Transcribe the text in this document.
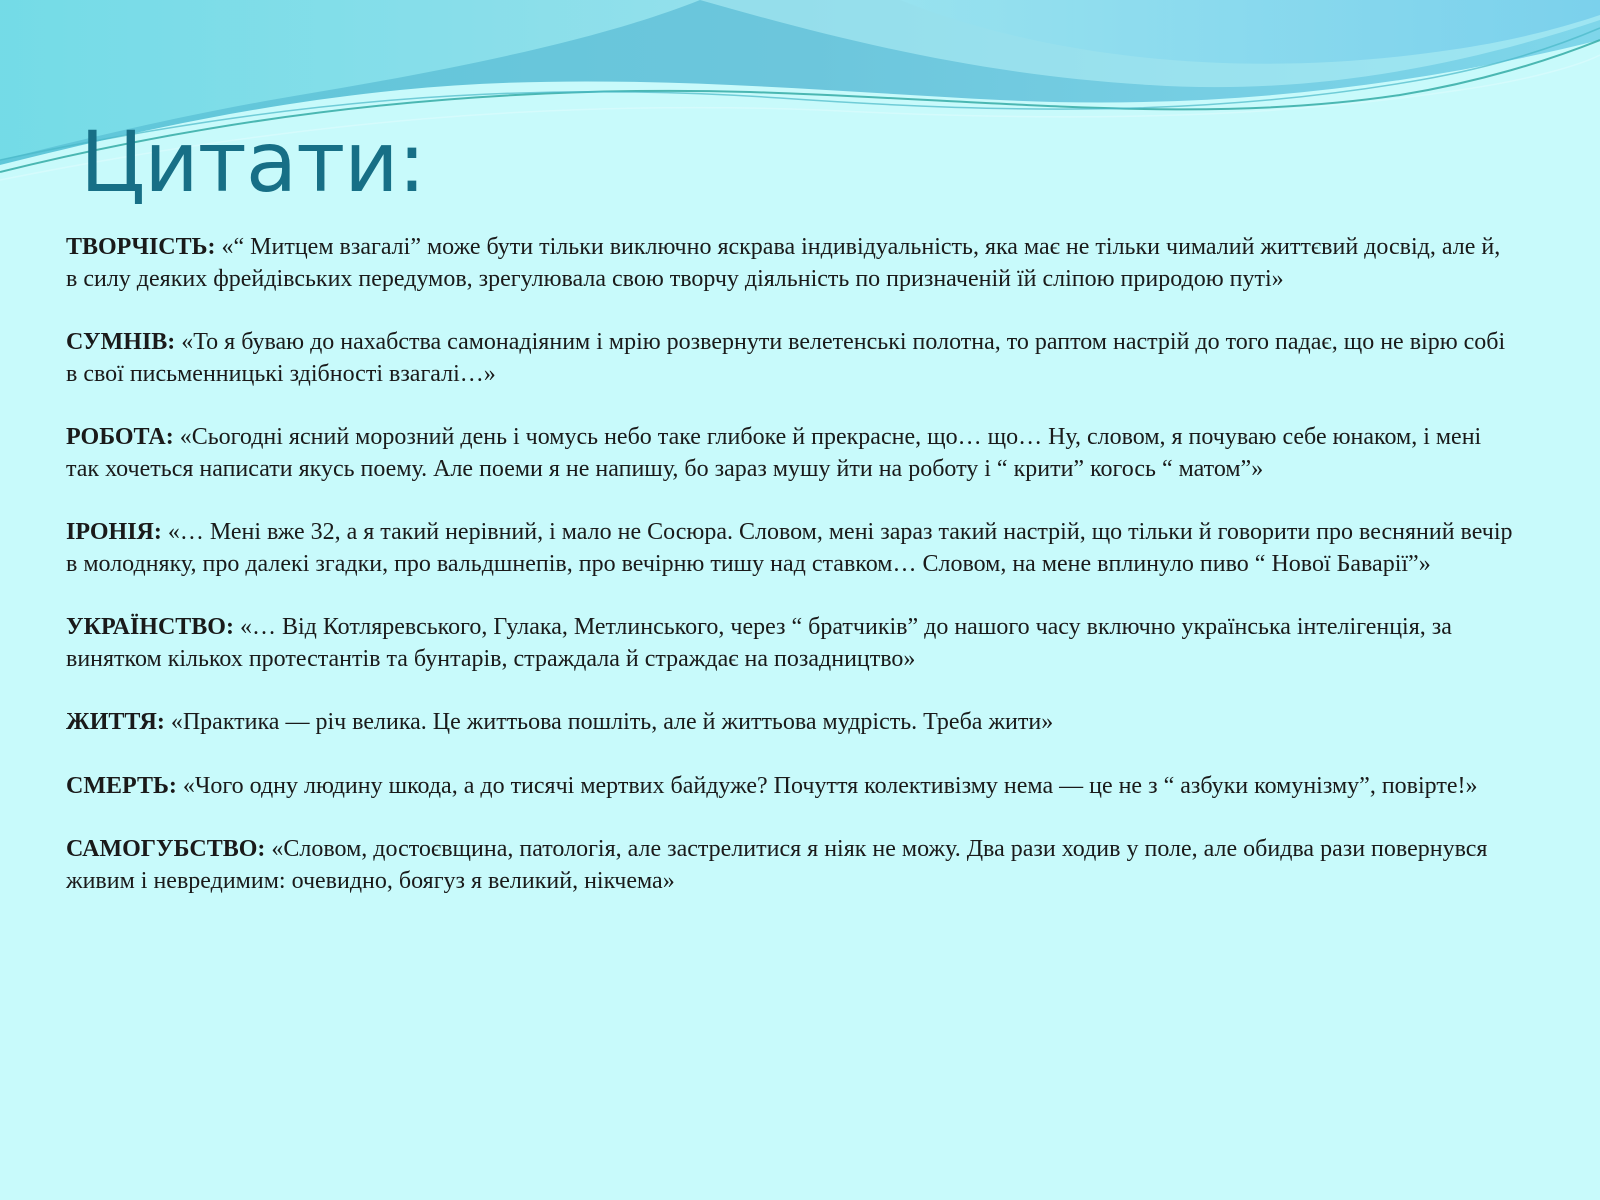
Цитати:

ТВОРЧІСТЬ: «“ Митцем взагалі” може бути тільки виключно яскрава індивідуальність, яка має не тільки чималий життєвий досвід, але й, в силу деяких фрейдівських передумов, зрегулювала свою творчу діяльність по призначеній їй сліпою природою путі»

СУМНІВ: «То я буваю до нахабства самонадіяним і мрію розвернути велетенські полотна, то раптом настрій до того падає, що не вірю собі в свої письменницькі здібності взагалі…»

РОБОТА: «Сьогодні ясний морозний день і чомусь небо таке глибоке й прекрасне, що… що… Ну, словом, я почуваю себе юнаком, і мені так хочеться написати якусь поему. Але поеми я не напишу, бо зараз мушу йти на роботу і “ крити” когось “ матом”»

ІРОНІЯ: «… Мені вже 32, а я такий нерівний, і мало не Сосюра. Словом, мені зараз такий настрій, що тільки й говорити про весняний вечір в молодняку, про далекі згадки, про вальдшнепів, про вечірню тишу над ставком… Словом, на мене вплинуло пиво “ Нової Баварії”»

УКРАЇНСТВО: «… Від Котляревського, Гулака, Метлинського, через “ братчиків” до нашого часу включно українська інтелігенція, за винятком кількох протестантів та бунтарів, страждала й страждає на позадництво»

ЖИТТЯ: «Практика — річ велика. Це життьова пошліть, але й життьова мудрість. Треба жити»

СМЕРТЬ: «Чого одну людину шкода, а до тисячі мертвих байдуже? Почуття колективізму нема — це не з “ азбуки комунізму”, повірте!»

САМОГУБСТВО: «Словом, достоєвщина, патологія, але застрелитися я ніяк не можу. Два рази ходив у поле, але обидва рази повернувся живим і невредимим: очевидно, боягуз я великий, нікчема»
